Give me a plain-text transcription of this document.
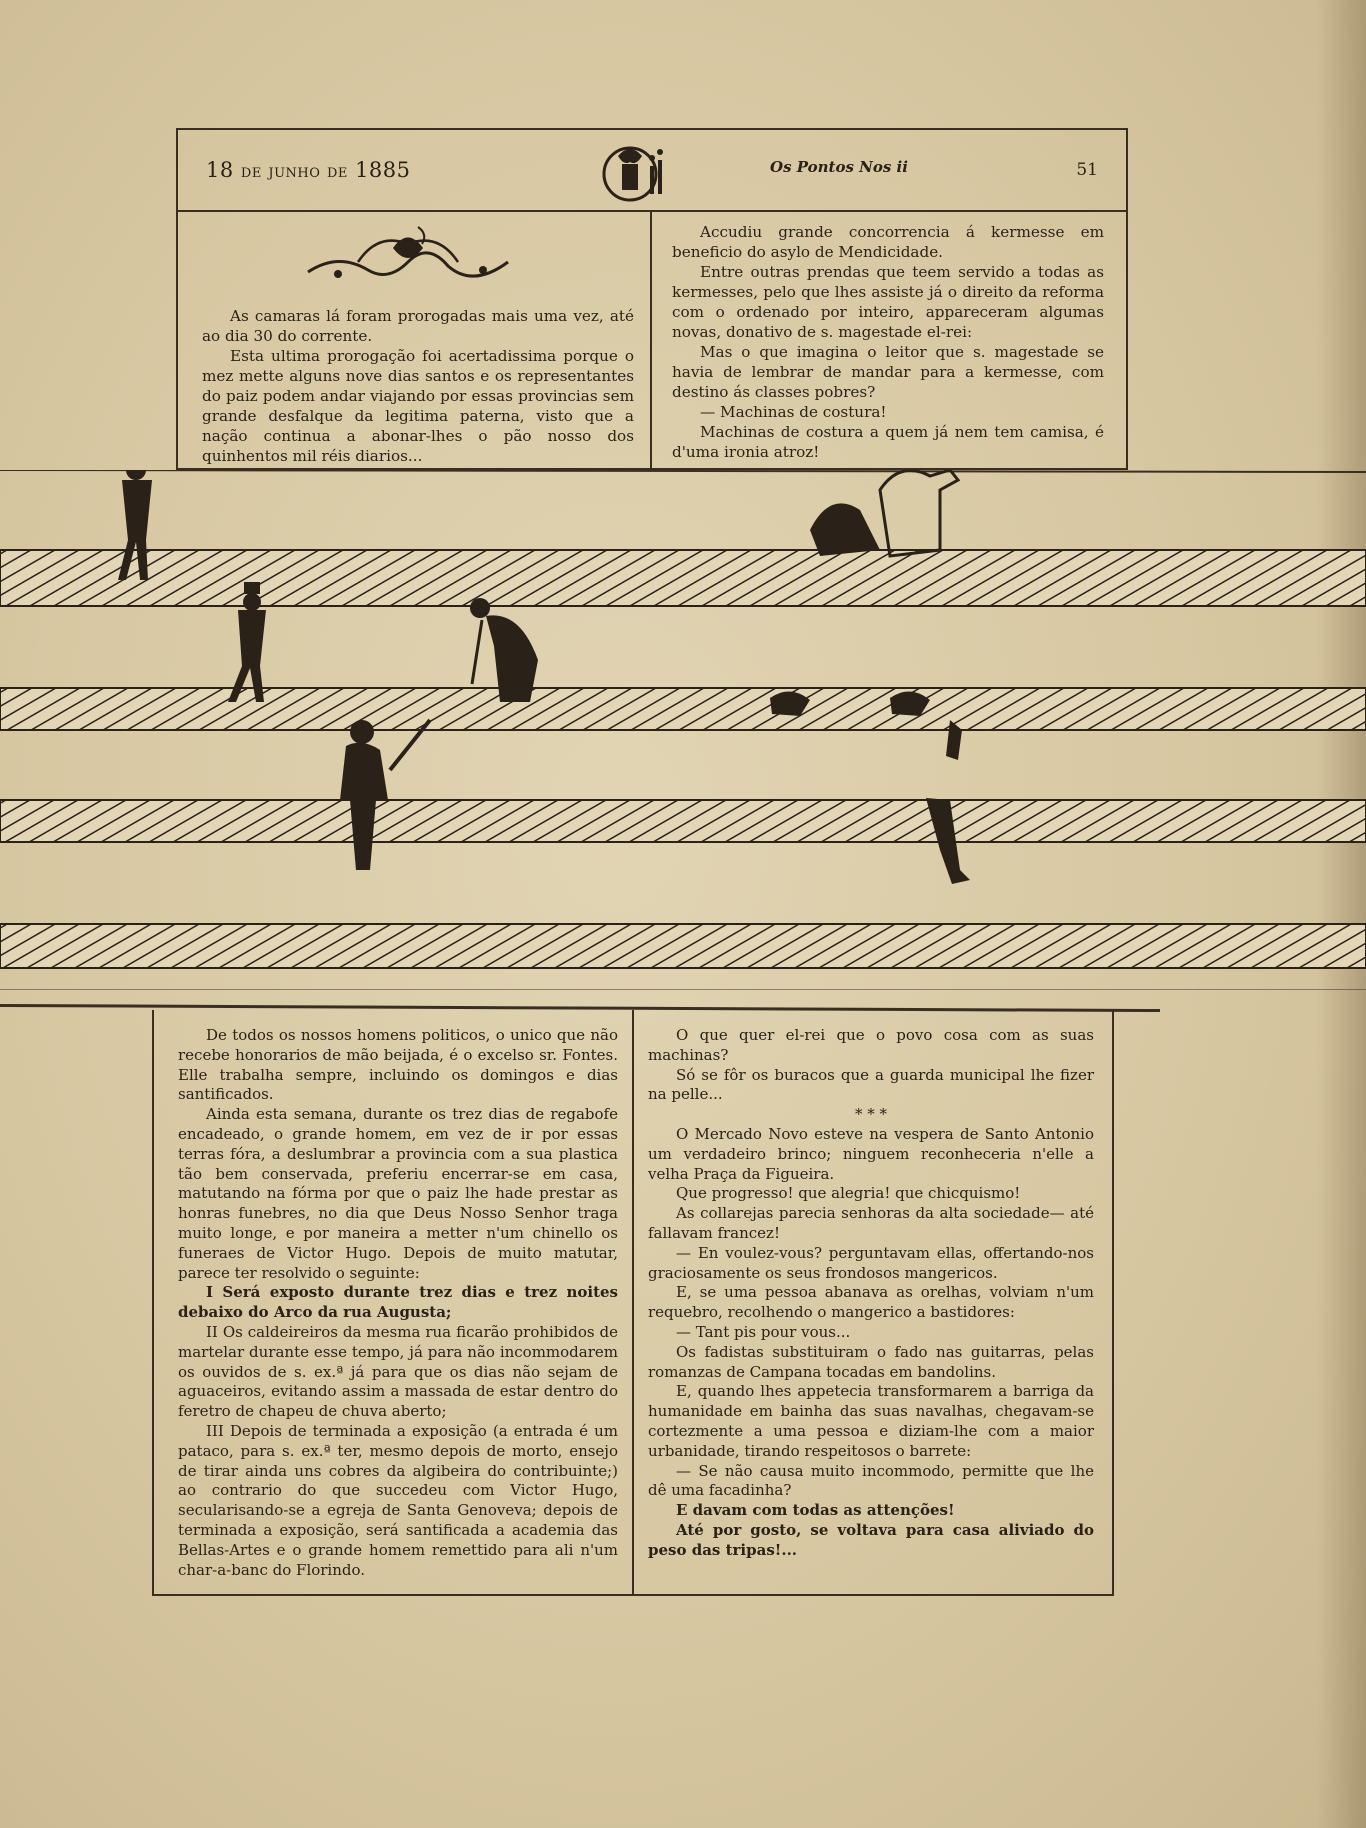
18 de junho de 1885	Os Pontos Nos ii	51

As camaras lá foram prorogadas mais uma vez, até ao dia 30 do corrente.

Esta ultima prorogação foi acertadissima porque o mez mette alguns nove dias santos e os representantes do paiz podem andar viajando por essas provincias sem grande desfalque da legitima paterna, visto que a nação continua a abonar-lhes o pão nosso dos quinhentos mil réis diarios...

Accudiu grande concorrencia á kermesse em beneficio do asylo de Mendicidade.

Entre outras prendas que teem servido a todas as kermesses, pelo que lhes assiste já o direito da reforma com o ordenado por inteiro, appareceram algumas novas, donativo de s. magestade el-rei:

Mas o que imagina o leitor que s. magestade se havia de lembrar de mandar para a kermesse, com destino ás classes pobres?

— Machinas de costura!

Machinas de costura a quem já nem tem camisa, é d'uma ironia atroz!

De todos os nossos homens politicos, o unico que não recebe honorarios de mão beijada, é o excelso sr. Fontes. Elle trabalha sempre, incluindo os domingos e dias santificados.

Ainda esta semana, durante os trez dias de regabofe encadeado, o grande homem, em vez de ir por essas terras fóra, a deslumbrar a provincia com a sua plastica tão bem conservada, preferiu encerrar-se em casa, matutando na fórma por que o paiz lhe hade prestar as honras funebres, no dia que Deus Nosso Senhor traga muito longe, e por maneira a metter n'um chinello os funeraes de Victor Hugo. Depois de muito matutar, parece ter resolvido o seguinte:

I Será exposto durante trez dias e trez noites debaixo do Arco da rua Augusta;

II Os caldeireiros da mesma rua ficarão prohibidos de martelar durante esse tempo, já para não incommodarem os ouvidos de s. ex.ª já para que os dias não sejam de aguaceiros, evitando assim a massada de estar dentro do feretro de chapeu de chuva aberto;

III Depois de terminada a exposição (a entrada é um pataco, para s. ex.ª ter, mesmo depois de morto, ensejo de tirar ainda uns cobres da algibeira do contribuinte;) ao contrario do que succedeu com Victor Hugo, secularisando-se a egreja de Santa Genoveva; depois de terminada a exposição, será santificada a academia das Bellas-Artes e o grande homem remettido para ali n'um char-a-banc do Florindo.

O que quer el-rei que o povo cosa com as suas machinas?

Só se fôr os buracos que a guarda municipal lhe fizer na pelle...

* * *

O Mercado Novo esteve na vespera de Santo Antonio um verdadeiro brinco; ninguem reconheceria n'elle a velha Praça da Figueira.

Que progresso! que alegria! que chicquismo!

As collarejas parecia senhoras da alta sociedade— até fallavam francez!

— En voulez-vous? perguntavam ellas, offertando-nos graciosamente os seus frondosos mangericos.

E, se uma pessoa abanava as orelhas, volviam n'um requebro, recolhendo o mangerico a bastidores:

— Tant pis pour vous...

Os fadistas substituiram o fado nas guitarras, pelas romanzas de Campana tocadas em bandolins.

E, quando lhes appetecia transformarem a barriga da humanidade em bainha das suas navalhas, chegavam-se cortezmente a uma pessoa e diziam-lhe com a maior urbanidade, tirando respeitosos o barrete:

— Se não causa muito incommodo, permitte que lhe dê uma facadinha?

E davam com todas as attenções!

Até por gosto, se voltava para casa aliviado do peso das tripas!...
